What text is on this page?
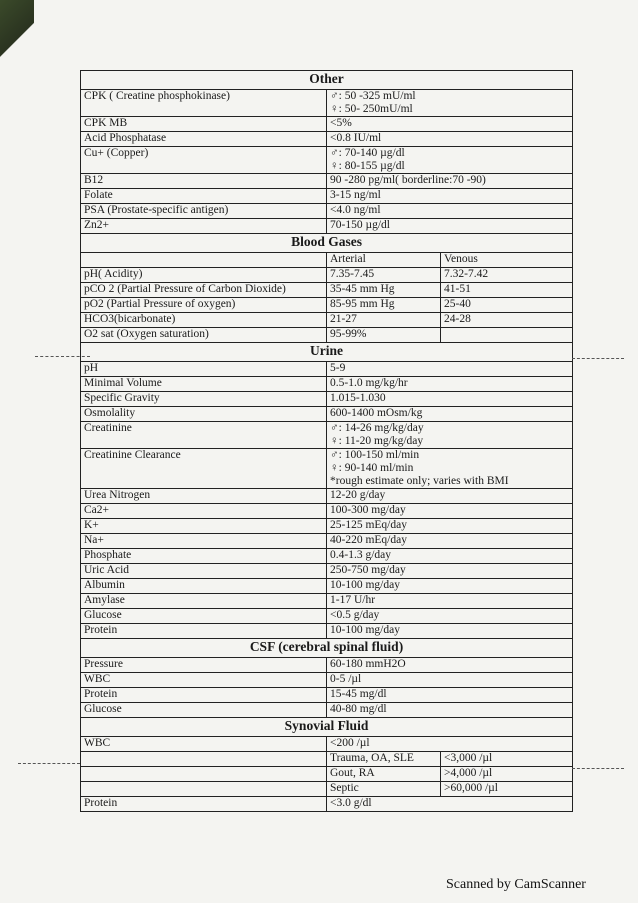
Other		
CPK ( Creatine phosphokinase)	♂: 50 -325 mU/ml
♀: 50- 250mU/ml	

CPK MB	<5%	

Acid Phosphatase	<0.8 IU/ml	

Cu+ (Copper)	♂: 70-140 µg/dl
♀: 80-155 µg/dl	

B12	90 -280 pg/ml( borderline:70 -90)	

Folate	3-15 ng/ml	

PSA (Prostate-specific antigen)	<4.0 ng/ml	

Zn2+	70-150 µg/dl	

Blood Gases		
	Arterial	Venous
pH( Acidity)	7.35-7.45	7.32-7.42
pCO 2 (Partial Pressure of Carbon Dioxide)	35-45 mm Hg	41-51
pO2 (Partial Pressure of oxygen)	85-95 mm Hg	25-40
HCO3(bicarbonate)	21-27	24-28
O2 sat (Oxygen saturation)	95-99%	
Urine		
pH	5-9	

Minimal Volume	0.5-1.0 mg/kg/hr	

Specific Gravity	1.015-1.030	

Osmolality	600-1400 mOsm/kg	

Creatinine	♂: 14-26 mg/kg/day
♀: 11-20 mg/kg/day	

Creatinine Clearance	♂: 100-150 ml/min
♀: 90-140 ml/min
*rough estimate only; varies with BMI	

Urea Nitrogen	12-20 g/day	

Ca2+	100-300 mg/day	

K+	25-125 mEq/day	

Na+	40-220 mEq/day	

Phosphate	0.4-1.3 g/day	

Uric Acid	250-750 mg/day	

Albumin	10-100 mg/day	

Amylase	1-17 U/hr	

Glucose	<0.5 g/day	

Protein	10-100 mg/day	

CSF (cerebral spinal fluid)		
Pressure	60-180 mmH2O	

WBC	0-5 /µl	

Protein	15-45 mg/dl	

Glucose	40-80 mg/dl	

Synovial Fluid		
WBC	<200 /µl	
	Trauma, OA, SLE	<3,000 /µl
	Gout, RA	>4,000 /µl
	Septic	>60,000 /µl
Protein	<3.0 g/dl	
Scanned by CamScanner
